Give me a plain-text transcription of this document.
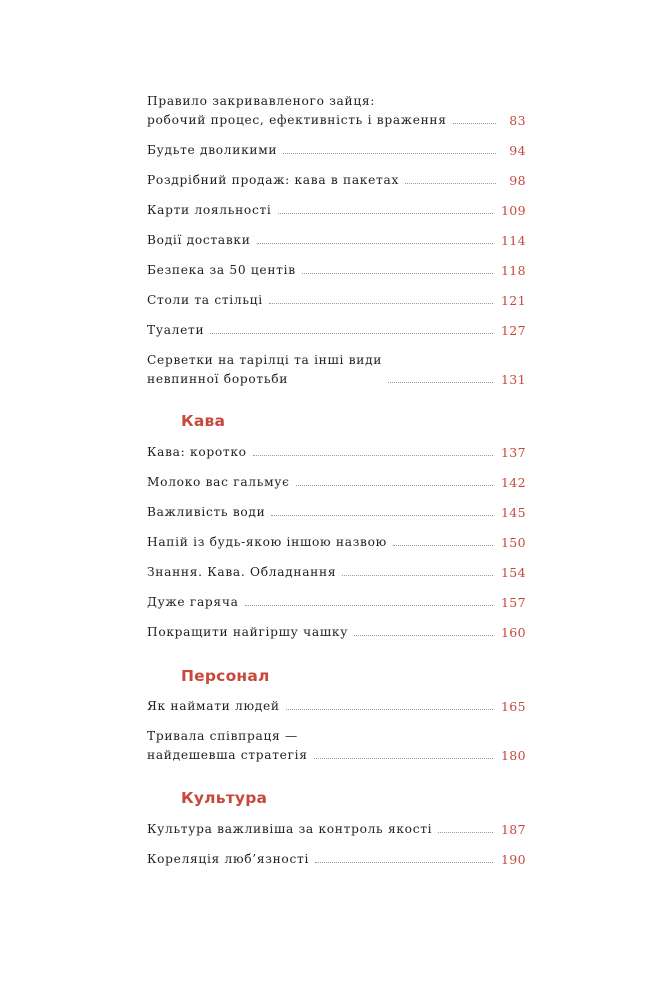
Правило закривавленого зайця:
робочий процес, ефективність і враження	83
Будьте дволикими	94
Роздрібний продаж: кава в пакетах	98
Карти лояльності	109
Водії доставки	114
Безпека за 50 центів	118
Столи та стільці	121
Туалети	127
Серветки на тарілці та інші види
невпинної боротьби	131
Кава
Кава: коротко	137
Молоко вас гальмує	142
Важливість води	145
Напій із будь-якою іншою назвою	150
Знання. Кава. Обладнання	154
Дуже гаряча	157
Покращити найгіршу чашку	160
Персонал
Як наймати людей	165
Тривала співпраця —
найдешевша стратегія	180
Культура
Культура важливіша за контроль якості	187
Кореляція люб’язності	190
